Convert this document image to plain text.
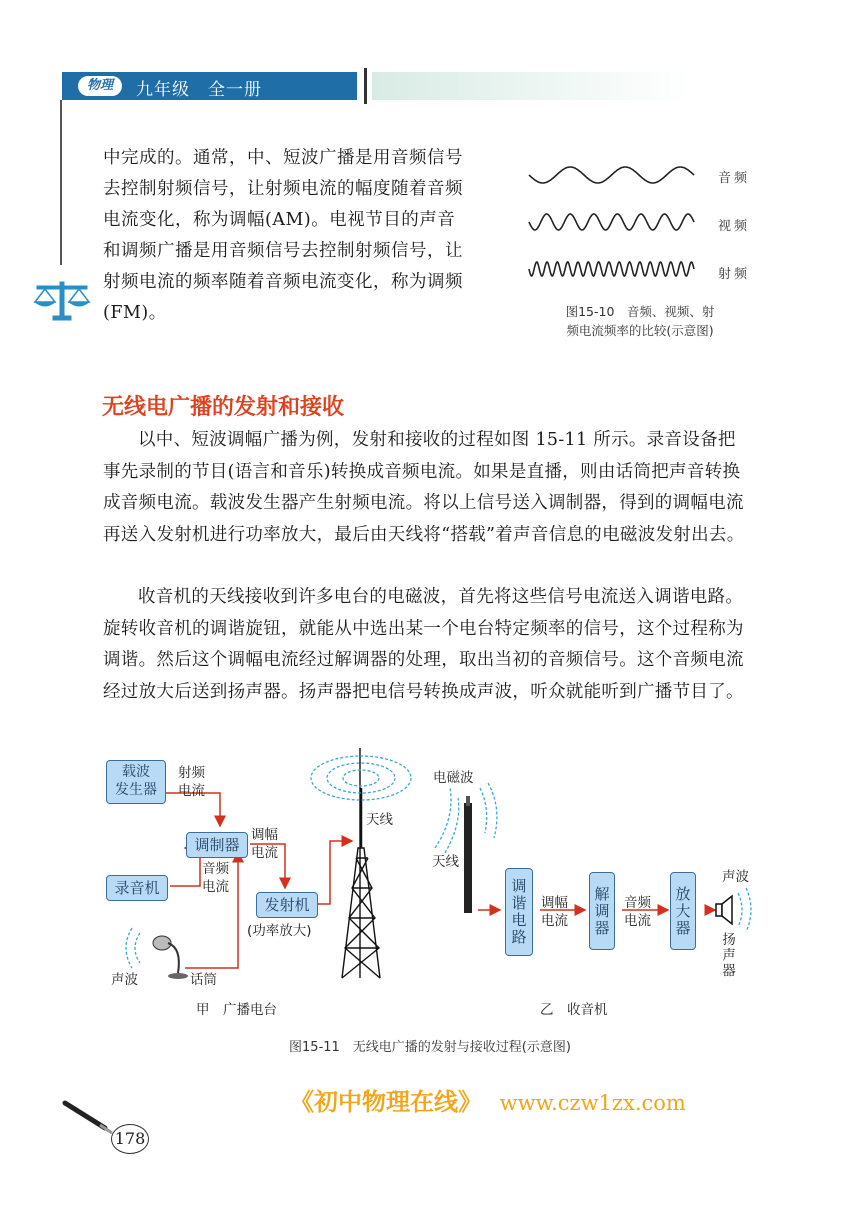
物理	九年级　全一册
中完成的。通常，中、短波广播是用音频信号去控制射频信号，让射频电流的幅度随着音频电流变化，称为调幅(AM)。电视节目的声音和调频广播是用音频信号去控制射频信号，让射频电流的频率随着音频电流变化，称为调频(FM)。
音频
视频
射频
图15-10　音频、视频、射
频电流频率的比较(示意图)
无线电广播的发射和接收
以中、短波调幅广播为例，发射和接收的过程如图 15-11 所示。录音设备把事先录制的节目(语言和音乐)转换成音频电流。如果是直播，则由话筒把声音转换成音频电流。载波发生器产生射频电流。将以上信号送入调制器，得到的调幅电流再送入发射机进行功率放大，最后由天线将“搭载”着声音信息的电磁波发射出去。
收音机的天线接收到许多电台的电磁波，首先将这些信号电流送入调谐电路。旋转收音机的调谐旋钮，就能从中选出某一个电台特定频率的信号，这个过程称为调谐。然后这个调幅电流经过解调器的处理，取出当初的音频信号。这个音频电流经过放大后送到扬声器。扬声器把电信号转换成声波，听众就能听到广播节目了。
载波
发生器
调制器
录音机
发射机
射频
电流
调幅
电流
音频
电流
(功率放大)
天线
声波	话筒
甲　广播电台
调谐电路	解调器	放大器
电磁波
天线
调幅
电流
音频
电流
声波
扬声器
乙　收音机
图15-11　无线电广播的发射与接收过程(示意图)
《初中物理在线》 www.czw1zx.com
178
